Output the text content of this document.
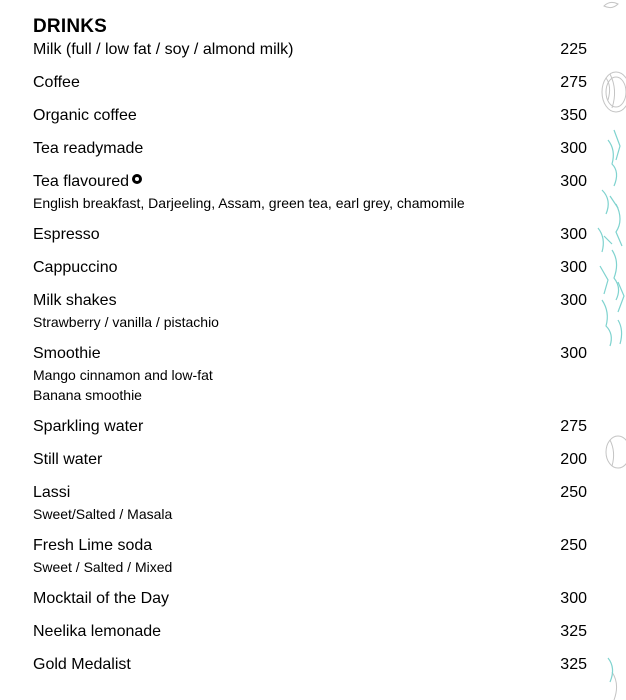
DRINKS
Milk (full / low fat / soy / almond milk)	225
Coffee	275
Organic coffee	350
Tea readymade	300
Tea flavoured	300
English breakfast, Darjeeling, Assam, green tea, earl grey, chamomile
Espresso	300
Cappuccino	300
Milk shakes	300
Strawberry / vanilla / pistachio
Smoothie	300
Mango cinnamon and low-fat
Banana smoothie
Sparkling water	275
Still water	200
Lassi	250
Sweet/Salted / Masala
Fresh Lime soda	250
Sweet / Salted / Mixed
Mocktail of the Day	300
Neelika lemonade	325
Gold Medalist	325
